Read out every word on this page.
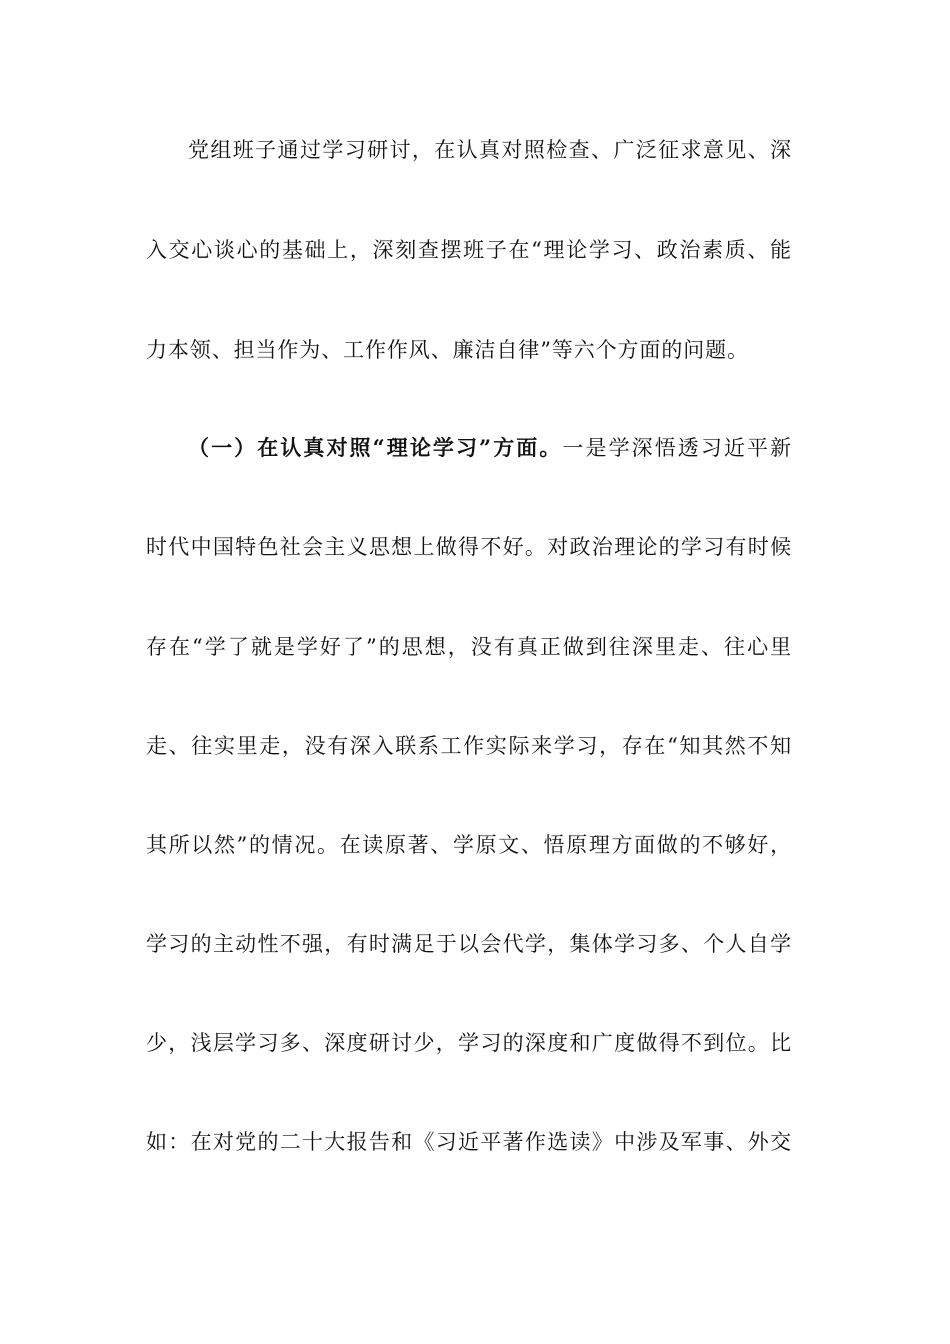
党组班子通过学习研讨，在认真对照检查、广泛征求意见、深
入交心谈心的基础上，深刻查摆班子在“理论学习、政治素质、能
力本领、担当作为、工作作风、廉洁自律”等六个方面的问题。
（一）在认真对照“理论学习”方面。一是学深悟透习近平新
时代中国特色社会主义思想上做得不好。对政治理论的学习有时候
存在“学了就是学好了”的思想，没有真正做到往深里走、往心里
走、往实里走，没有深入联系工作实际来学习，存在“知其然不知
其所以然”的情况。在读原著、学原文、悟原理方面做的不够好，
学习的主动性不强，有时满足于以会代学，集体学习多、个人自学
少，浅层学习多、深度研讨少，学习的深度和广度做得不到位。比
如：在对党的二十大报告和《习近平著作选读》中涉及军事、外交
